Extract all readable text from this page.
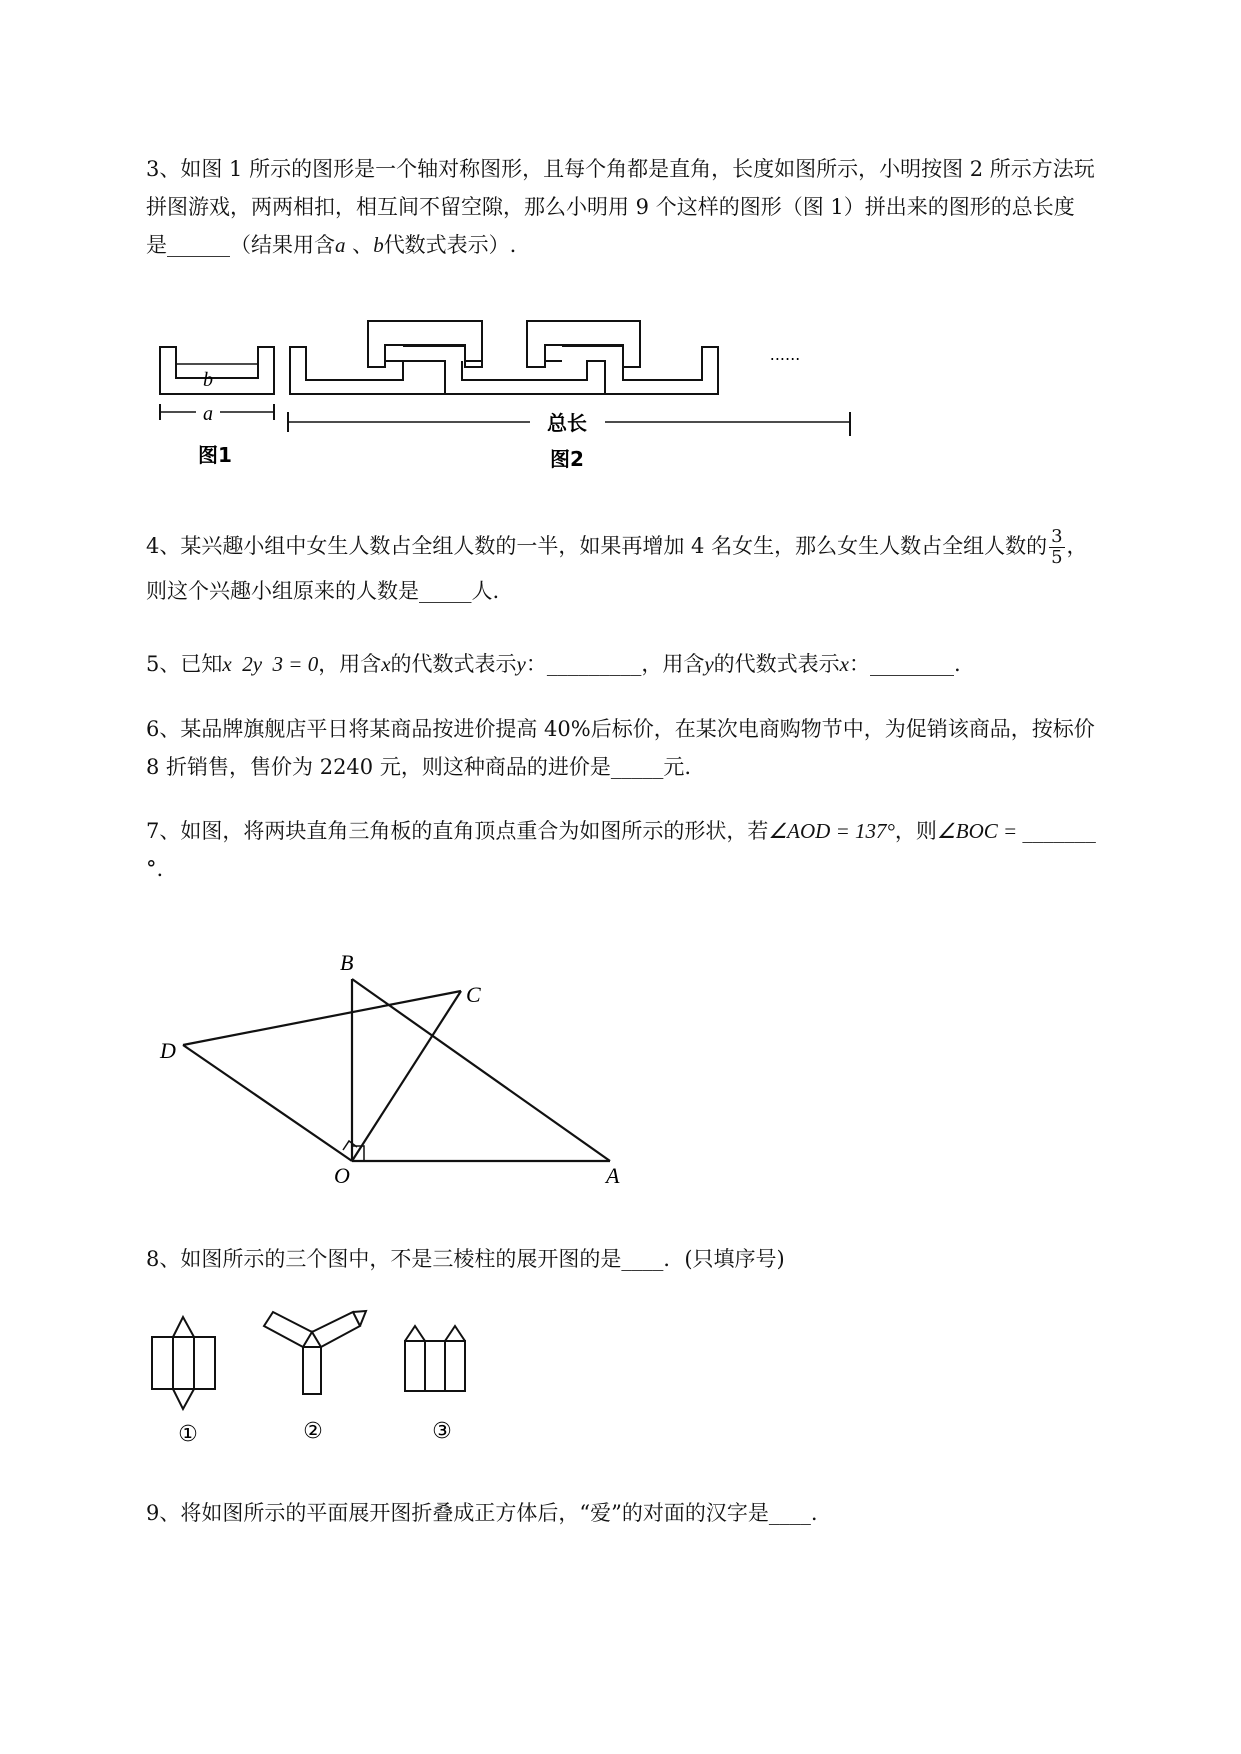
3、如图 1 所示的图形是一个轴对称图形，且每个角都是直角，长度如图所示，小明按图 2 所示方法玩
拼图游戏，两两相扣，相互间不留空隙，那么小明用 9 个这样的图形（图 1）拼出来的图形的总长度
是______（结果用含a 、b代数式表示）.
b
a
图1
总长
图2
......
4、某兴趣小组中女生人数占全组人数的一半，如果再增加 4 名女生，那么女生人数占全组人数的 $\frac{3}{5}$ ，
则这个兴趣小组原来的人数是_____人.
5、已知x  2y  3 = 0，用含x的代数式表示y：_________，用含y的代数式表示x：________.
6、某品牌旗舰店平日将某商品按进价提高 40%后标价，在某次电商购物节中，为促销该商品，按标价
8 折销售，售价为 2240 元，则这种商品的进价是_____元.
7、如图，将两块直角三角板的直角顶点重合为如图所示的形状，若∠AOD = 137°，则∠BOC = _______
°.
B
C
D
O	A
8、如图所示的三个图中，不是三棱柱的展开图的是____．(只填序号)
①	②	③
9、将如图所示的平面展开图折叠成正方体后，“爱”的对面的汉字是____.
